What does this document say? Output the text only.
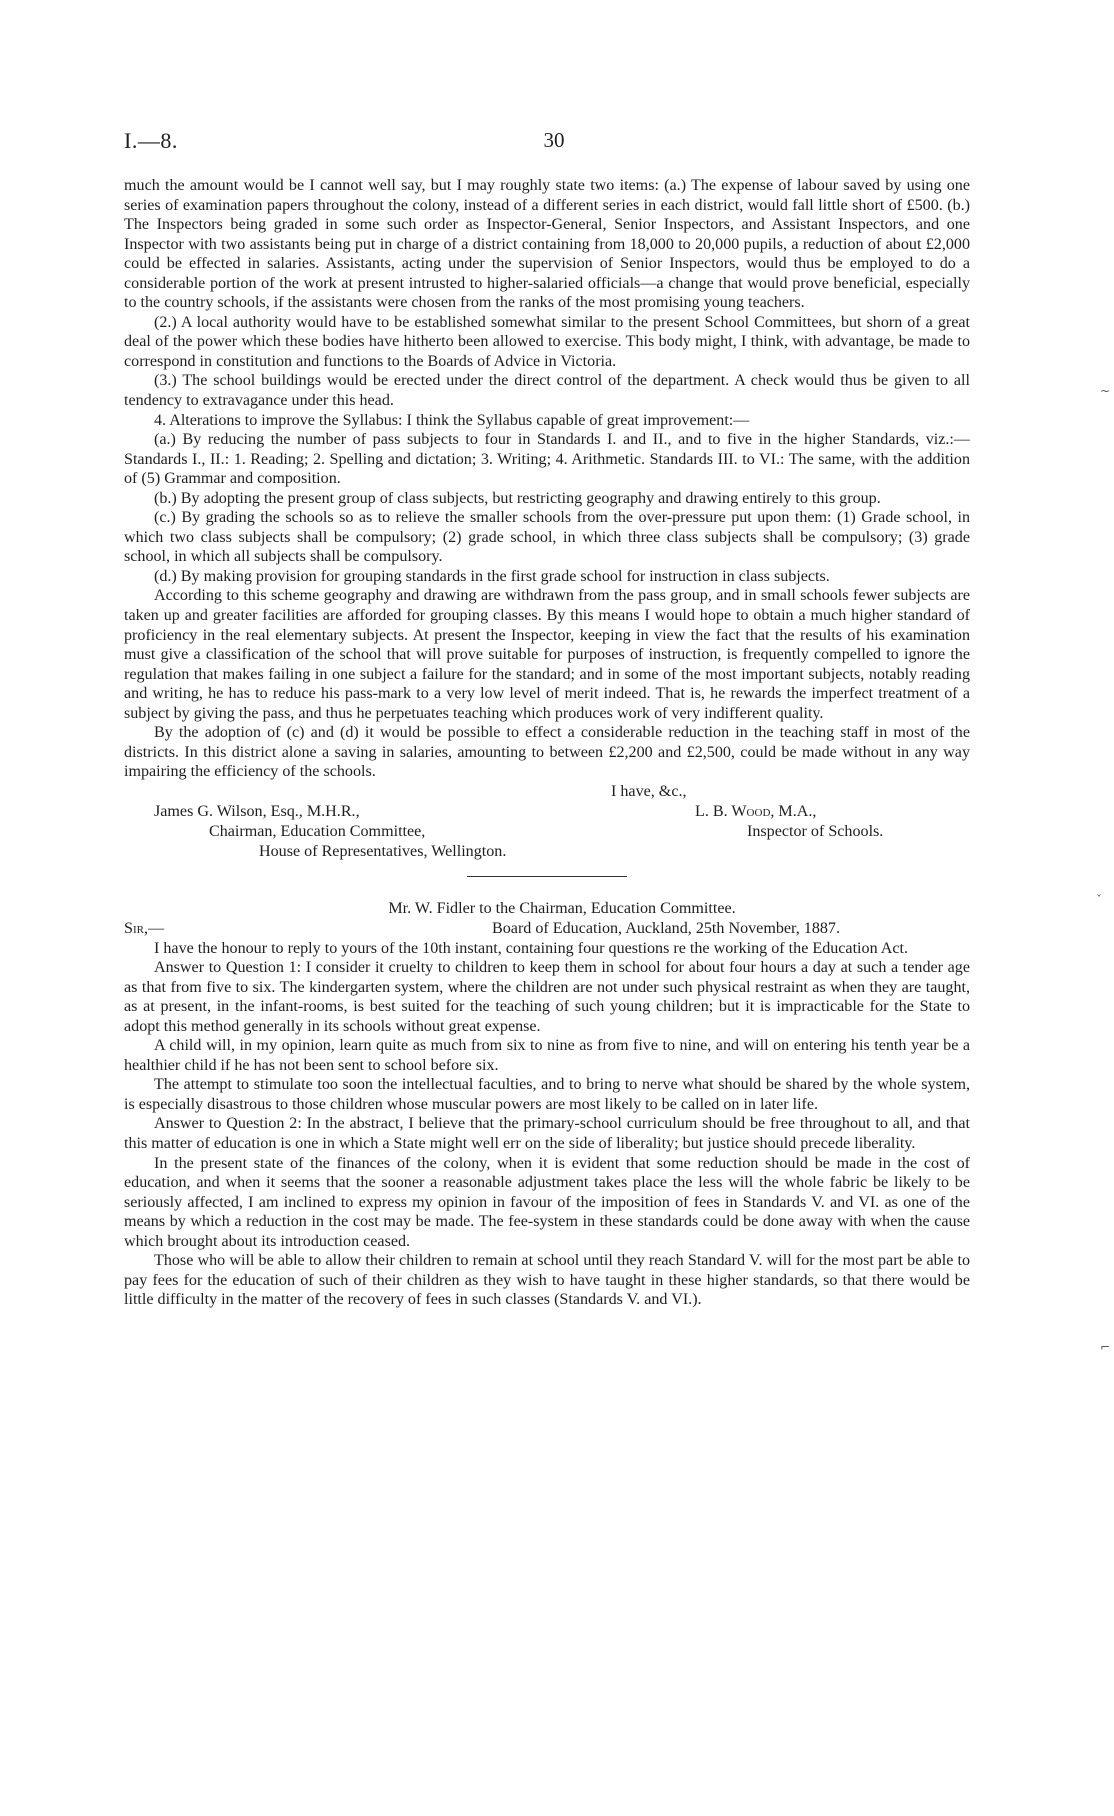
I.—8.	30

much the amount would be I cannot well say, but I may roughly state two items: (a.) The expense of labour saved by using one series of examination papers throughout the colony, instead of a different series in each district, would fall little short of £500. (b.) The Inspectors being graded in some such order as Inspector-General, Senior Inspectors, and Assistant Inspectors, and one Inspector with two assistants being put in charge of a district containing from 18,000 to 20,000 pupils, a reduction of about £2,000 could be effected in salaries. Assistants, acting under the supervision of Senior Inspectors, would thus be employed to do a considerable portion of the work at present intrusted to higher-salaried officials—a change that would prove beneficial, especially to the country schools, if the assistants were chosen from the ranks of the most promising young teachers.

(2.) A local authority would have to be established somewhat similar to the present School Committees, but shorn of a great deal of the power which these bodies have hitherto been allowed to exercise. This body might, I think, with advantage, be made to correspond in constitution and functions to the Boards of Advice in Victoria.

(3.) The school buildings would be erected under the direct control of the department. A check would thus be given to all tendency to extravagance under this head.

4. Alterations to improve the Syllabus: I think the Syllabus capable of great improvement:—

(a.) By reducing the number of pass subjects to four in Standards I. and II., and to five in the higher Standards, viz.:—Standards I., II.: 1. Reading; 2. Spelling and dictation; 3. Writing; 4. Arithmetic. Standards III. to VI.: The same, with the addition of (5) Grammar and composition.

(b.) By adopting the present group of class subjects, but restricting geography and drawing entirely to this group.

(c.) By grading the schools so as to relieve the smaller schools from the over-pressure put upon them: (1) Grade school, in which two class subjects shall be compulsory; (2) grade school, in which three class subjects shall be compulsory; (3) grade school, in which all subjects shall be compulsory.

(d.) By making provision for grouping standards in the first grade school for instruction in class subjects.

According to this scheme geography and drawing are withdrawn from the pass group, and in small schools fewer subjects are taken up and greater facilities are afforded for grouping classes. By this means I would hope to obtain a much higher standard of proficiency in the real elementary subjects. At present the Inspector, keeping in view the fact that the results of his examination must give a classification of the school that will prove suitable for purposes of instruction, is frequently compelled to ignore the regulation that makes failing in one subject a failure for the standard; and in some of the most important subjects, notably reading and writing, he has to reduce his pass-mark to a very low level of merit indeed. That is, he rewards the imperfect treatment of a subject by giving the pass, and thus he perpetuates teaching which produces work of very indifferent quality.

By the adoption of (c) and (d) it would be possible to effect a considerable reduction in the teaching staff in most of the districts. In this district alone a saving in salaries, amounting to between £2,200 and £2,500, could be made without in any way impairing the efficiency of the schools.

I have, &c.,
James G. Wilson, Esq., M.H.R.,	L. B. Wood, M.A.,
Chairman, Education Committee,	Inspector of Schools.
House of Representatives, Wellington.

Mr. W. Fidler to the Chairman, Education Committee.

Sir,—	Board of Education, Auckland, 25th November, 1887.

I have the honour to reply to yours of the 10th instant, containing four questions re the working of the Education Act.

Answer to Question 1: I consider it cruelty to children to keep them in school for about four hours a day at such a tender age as that from five to six. The kindergarten system, where the children are not under such physical restraint as when they are taught, as at present, in the infant-rooms, is best suited for the teaching of such young children; but it is impracticable for the State to adopt this method generally in its schools without great expense.

A child will, in my opinion, learn quite as much from six to nine as from five to nine, and will on entering his tenth year be a healthier child if he has not been sent to school before six.

The attempt to stimulate too soon the intellectual faculties, and to bring to nerve what should be shared by the whole system, is especially disastrous to those children whose muscular powers are most likely to be called on in later life.

Answer to Question 2: In the abstract, I believe that the primary-school curriculum should be free throughout to all, and that this matter of education is one in which a State might well err on the side of liberality; but justice should precede liberality.

In the present state of the finances of the colony, when it is evident that some reduction should be made in the cost of education, and when it seems that the sooner a reasonable adjustment takes place the less will the whole fabric be likely to be seriously affected, I am inclined to express my opinion in favour of the imposition of fees in Standards V. and VI. as one of the means by which a reduction in the cost may be made. The fee-system in these standards could be done away with when the cause which brought about its introduction ceased.

Those who will be able to allow their children to remain at school until they reach Standard V. will for the most part be able to pay fees for the education of such of their children as they wish to have taught in these higher standards, so that there would be little difficulty in the matter of the recovery of fees in such classes (Standards V. and VI.).

~
ˇ
⌐
